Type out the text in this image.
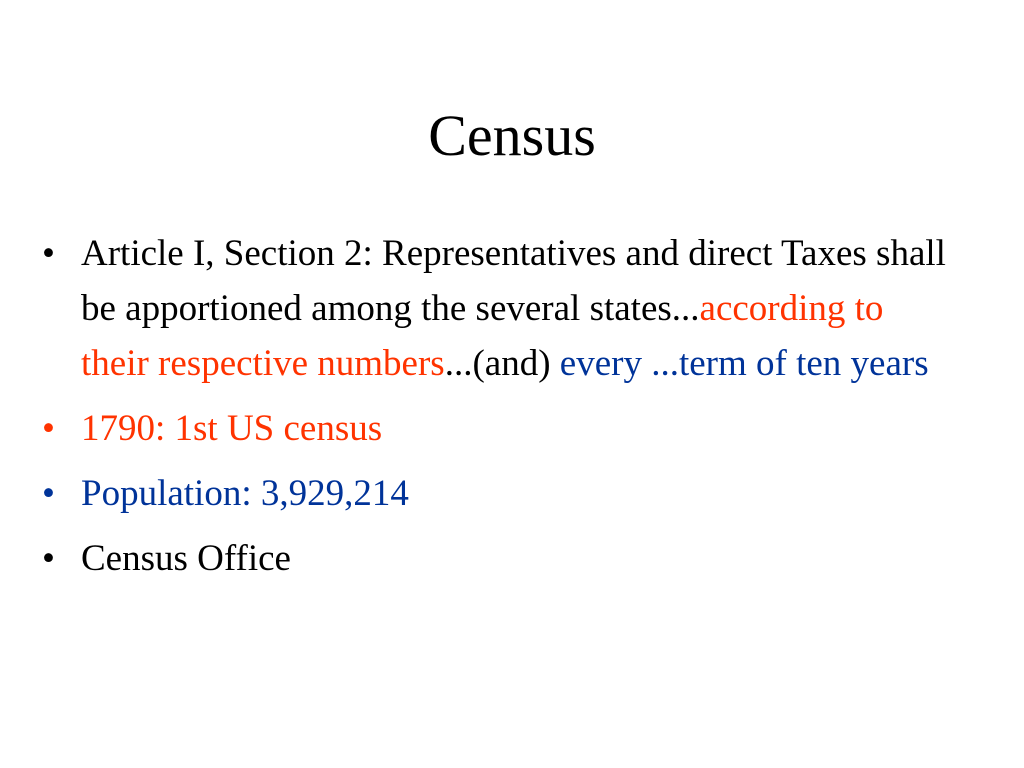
Census
• Article I, Section 2: Representatives and direct Taxes shall be apportioned among the several states...according to their respective numbers...(and) every ...term of ten years
• 1790: 1st US census
• Population: 3,929,214
• Census Office
